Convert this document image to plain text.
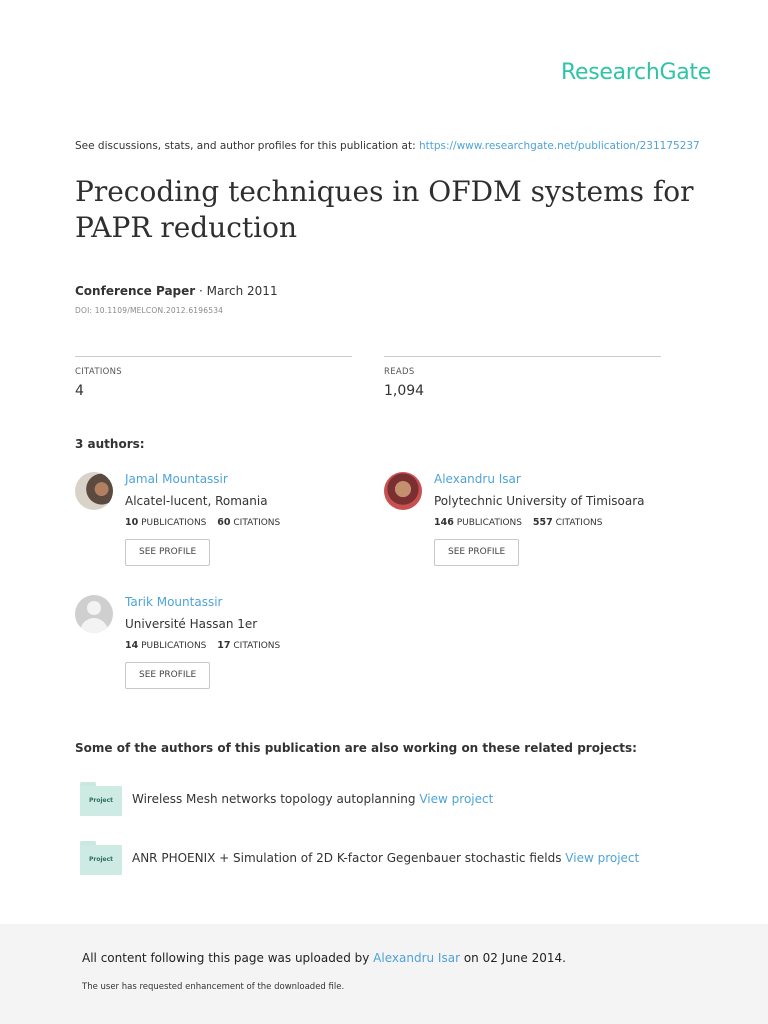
ResearchGate
See discussions, stats, and author profiles for this publication at: https://www.researchgate.net/publication/231175237
Precoding techniques in OFDM systems for PAPR reduction
Conference Paper · March 2011
DOI: 10.1109/MELCON.2012.6196534
CITATIONS
4
READS
1,094
3 authors:
Jamal Mountassir
Alcatel-lucent, Romania
10 PUBLICATIONS 60 CITATIONS
SEE PROFILE
Alexandru Isar
Polytechnic University of Timisoara
146 PUBLICATIONS 557 CITATIONS
SEE PROFILE
Tarik Mountassir
Université Hassan 1er
14 PUBLICATIONS 17 CITATIONS
SEE PROFILE
Some of the authors of this publication are also working on these related projects:
Project	Wireless Mesh networks topology autoplanning View project
Project	ANR PHOENIX + Simulation of 2D K-factor Gegenbauer stochastic fields View project
All content following this page was uploaded by Alexandru Isar on 02 June 2014.
The user has requested enhancement of the downloaded file.
